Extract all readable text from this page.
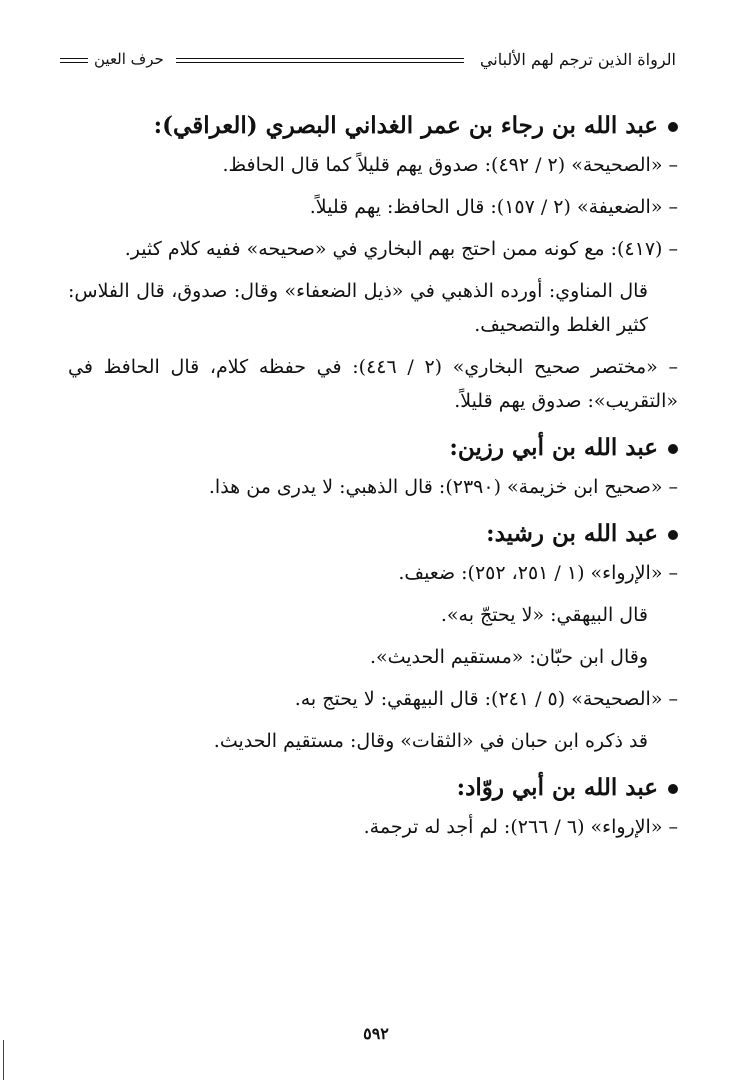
الرواة الذين ترجم لهم الألباني
حرف العين
عبد الله بن رجاء بن عمر الغداني البصري (العراقي):
– «الصحيحة» (٢ / ٤٩٢): صدوق يهم قليلاً كما قال الحافظ.
– «الضعيفة» (٢ / ١٥٧): قال الحافظ: يهم قليلاً.
– (٤١٧): مع كونه ممن احتج بهم البخاري في «صحيحه» ففيه كلام كثير.
قال المناوي: أورده الذهبي في «ذيل الضعفاء» وقال: صدوق، قال الفلاس: كثير الغلط والتصحيف.
– «مختصر صحيح البخاري» (٢ / ٤٤٦): في حفظه كلام، قال الحافظ في «التقريب»: صدوق يهم قليلاً.
عبد الله بن أبي رزين:
– «صحيح ابن خزيمة» (٢٣٩٠): قال الذهبي: لا يدرى من هذا.
عبد الله بن رشيد:
– «الإرواء» (١ / ٢٥١، ٢٥٢): ضعيف.
قال البيهقي: «لا يحتجّ به».
وقال ابن حبّان: «مستقيم الحديث».
– «الصحيحة» (٥ / ٢٤١): قال البيهقي: لا يحتج به.
قد ذكره ابن حبان في «الثقات» وقال: مستقيم الحديث.
عبد الله بن أبي روّاد:
– «الإرواء» (٦ / ٢٦٦): لم أجد له ترجمة.
٥٩٢
